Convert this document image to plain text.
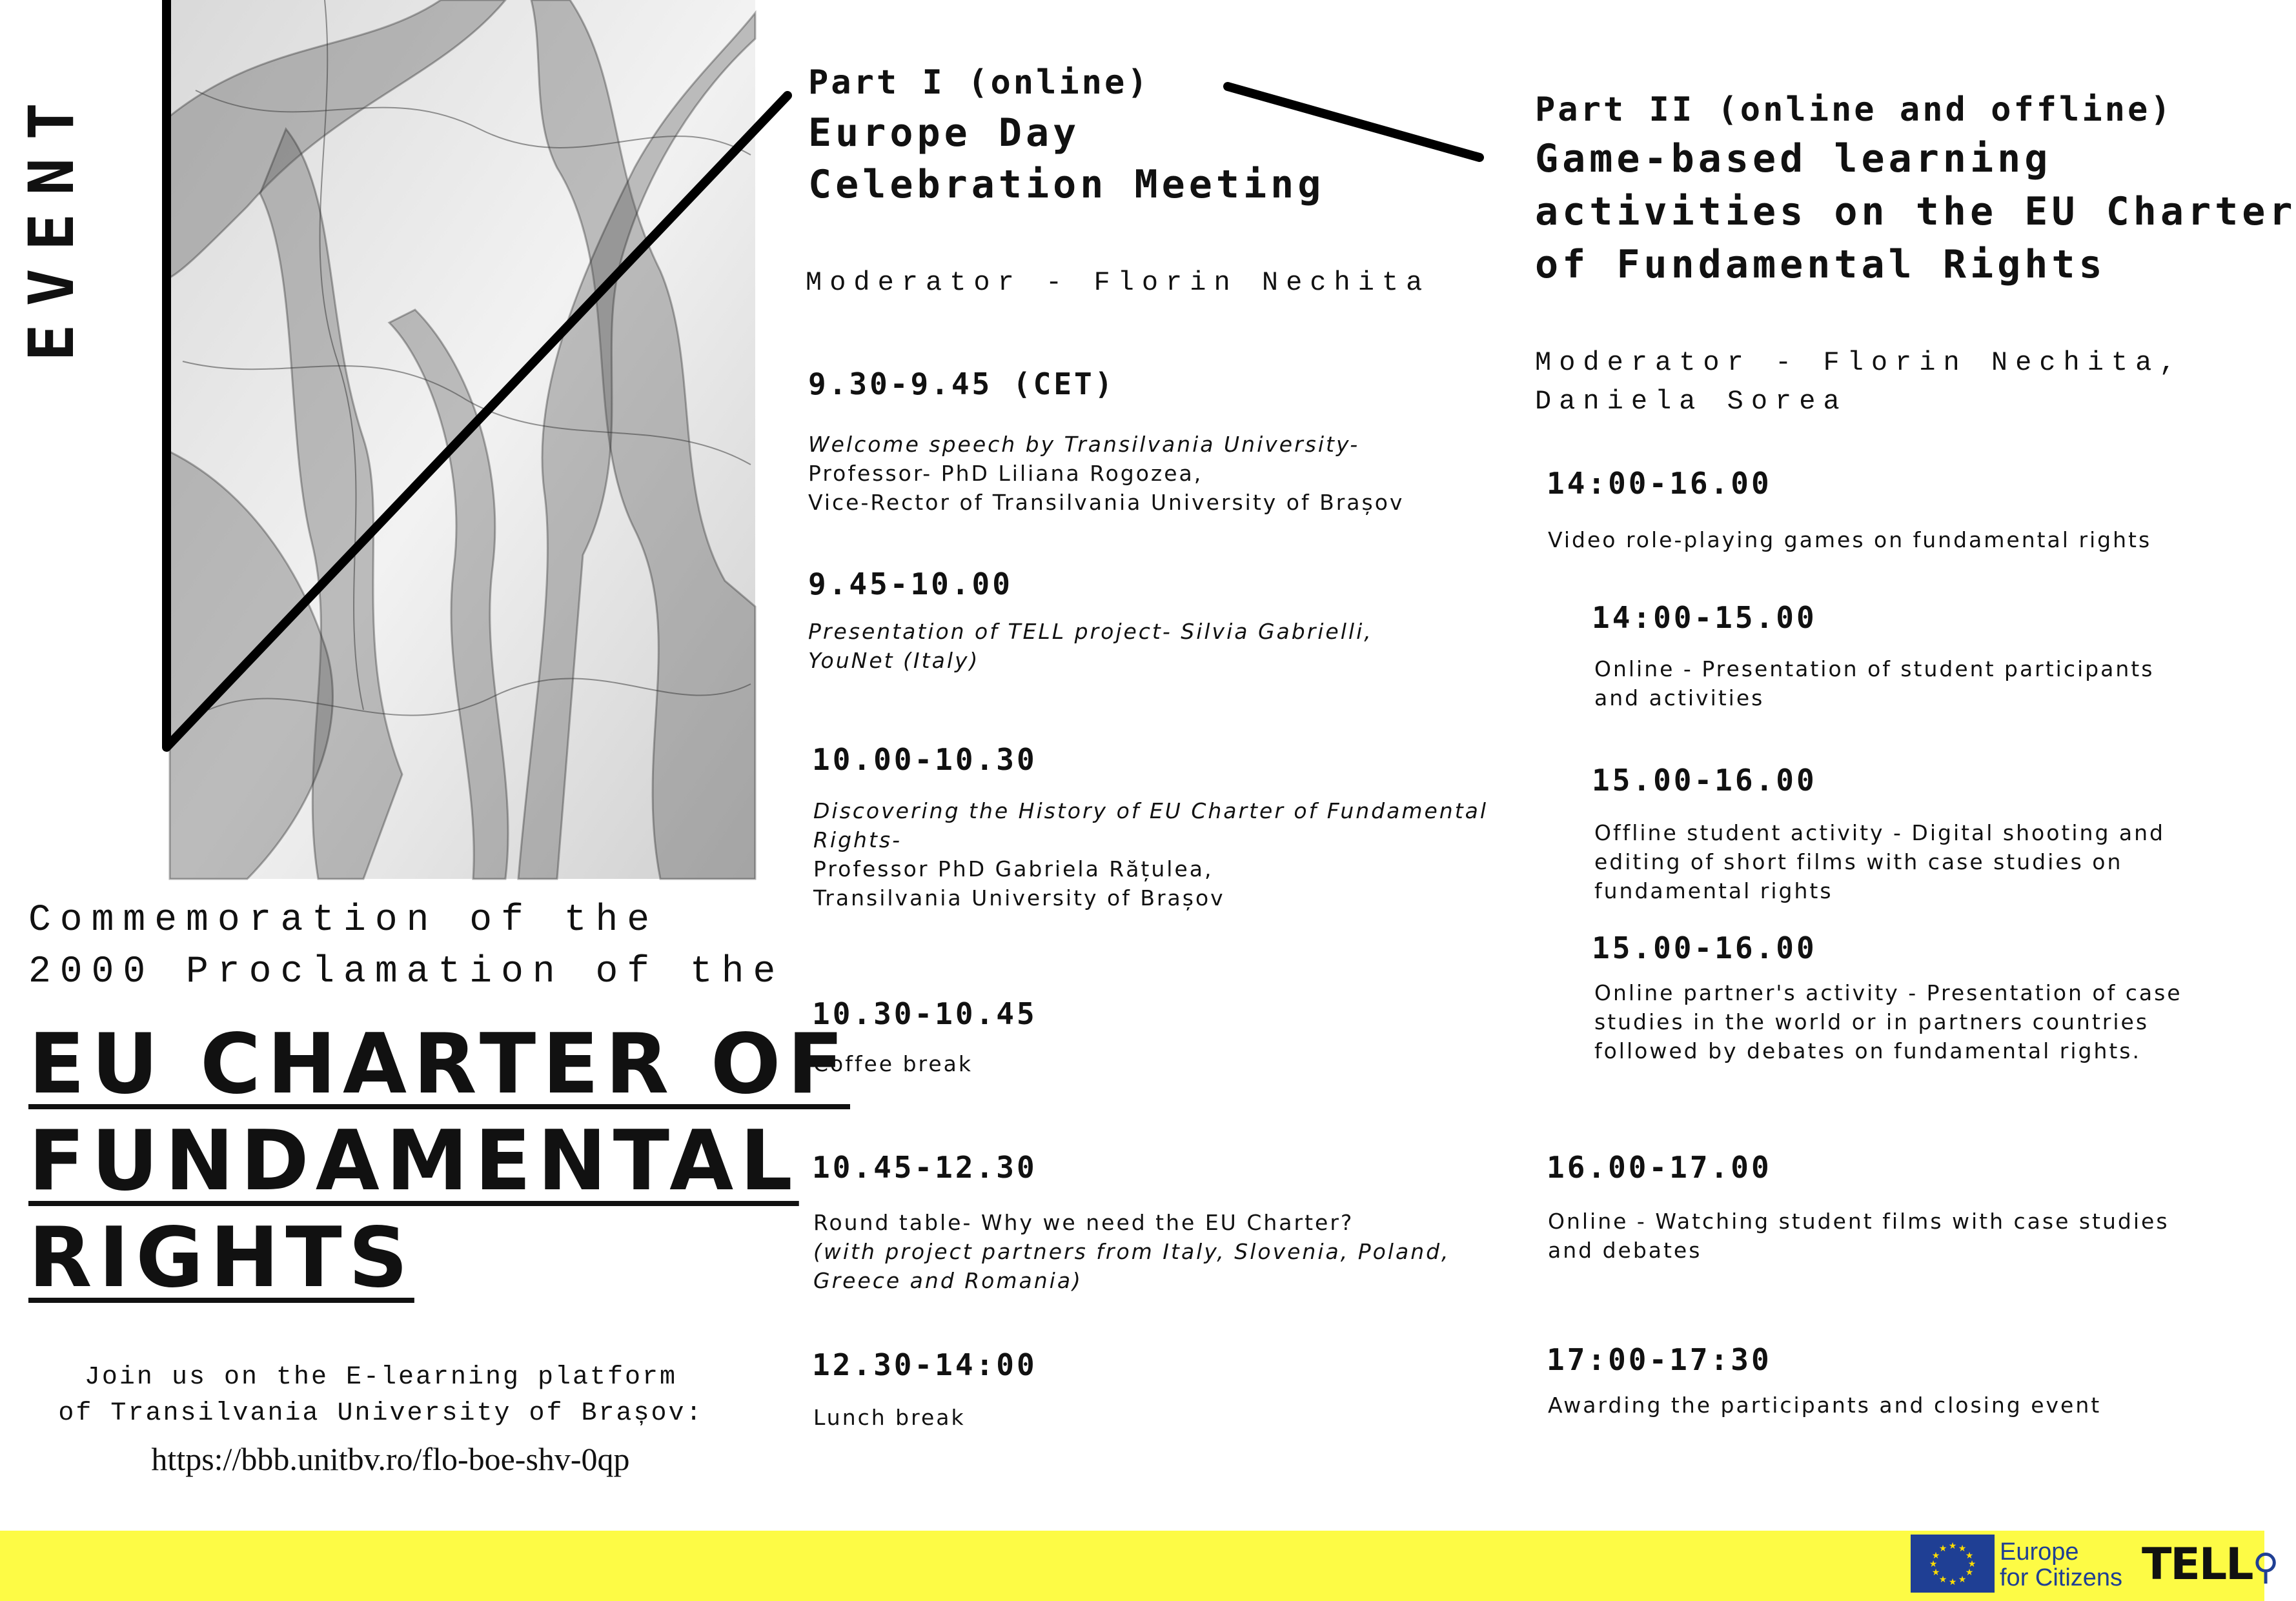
EVENT
Commemoration of the
2000 Proclamation of the
EU CHARTER OF
FUNDAMENTAL
RIGHTS
Join us on the E-learning platform
of Transilvania University of Brașov:
https://bbb.unitbv.ro/flo-boe-shv-0qp
Part I (online)
Europe Day
Celebration Meeting
Moderator - Florin Nechita
9.30-9.45 (CET)
Welcome speech by Transilvania University-
Professor- PhD Liliana Rogozea,
Vice-Rector of Transilvania University of Brașov
9.45-10.00
Presentation of TELL project- Silvia Gabrielli,
YouNet (Italy)
10.00-10.30
Discovering the History of EU Charter of Fundamental
Rights-
Professor PhD Gabriela Rățulea,
Transilvania University of Brașov
10.30-10.45
Coffee break
10.45-12.30
Round table- Why we need the EU Charter?
(with project partners from Italy, Slovenia, Poland,
Greece and Romania)
12.30-14:00
Lunch break
Part II (online and offline)
Game-based learning
activities on the EU Charter
of Fundamental Rights
Moderator - Florin Nechita,
Daniela Sorea
14:00-16.00
Video role-playing games on fundamental rights
14:00-15.00
Online - Presentation of student participants
and activities
15.00-16.00
Offline student activity - Digital shooting and
editing of short films with case studies on
fundamental rights
15.00-16.00
Online partner's activity - Presentation of case
studies in the world or in partners countries
followed by debates on fundamental rights.
16.00-17.00
Online - Watching student films with case studies
and debates
17:00-17:30
Awarding the participants and closing event
★ ★
★
★
★
★
★
★
★
★
★
★ Europe
for Citizens TELL⚲
